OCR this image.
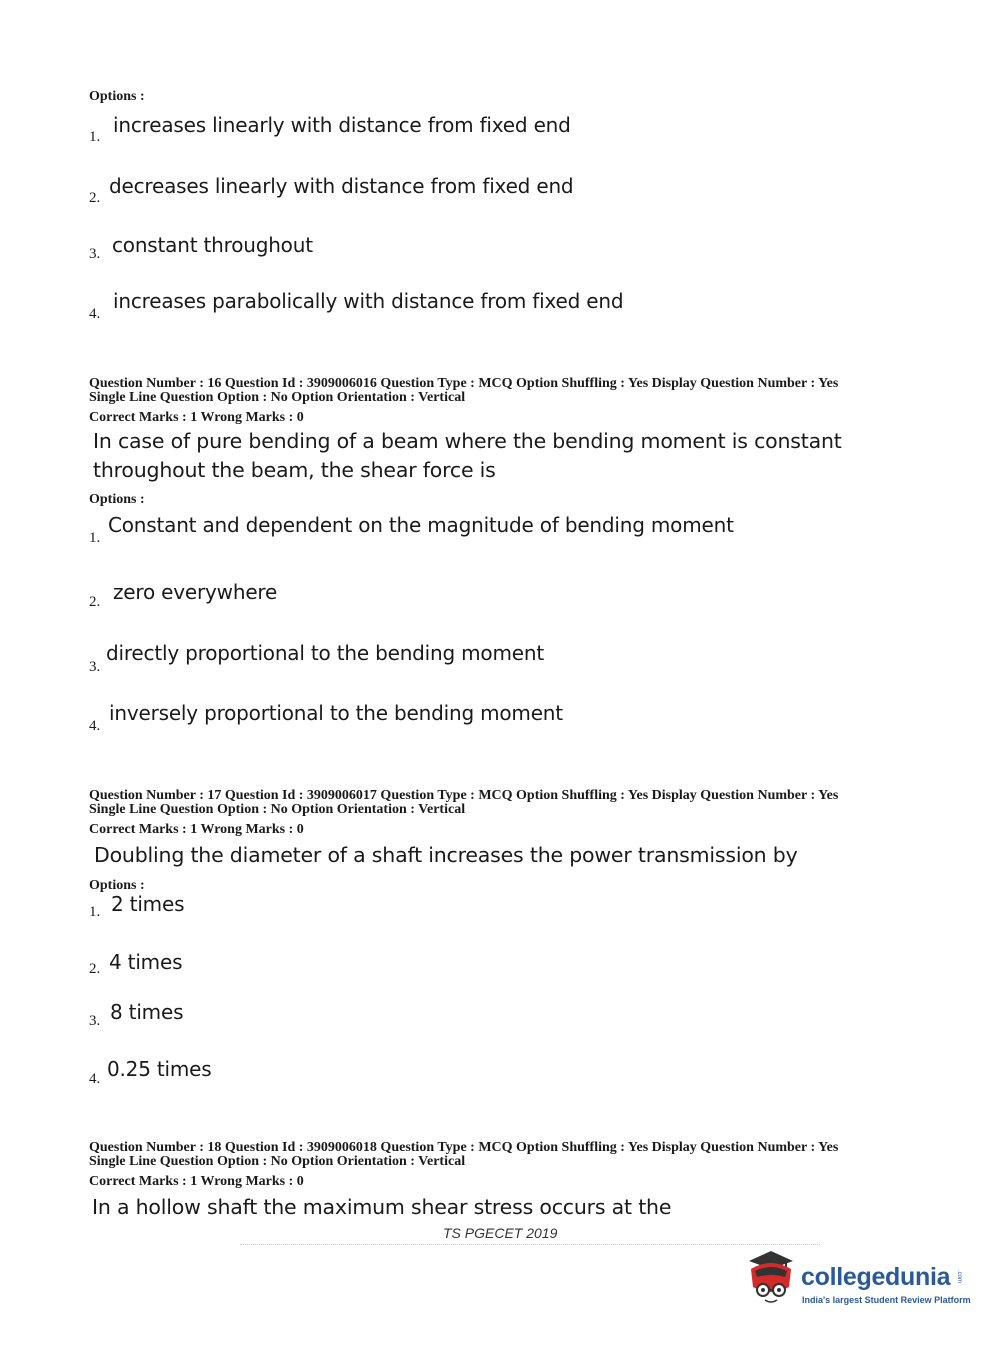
Options :
1. increases linearly with distance from fixed end
2. decreases linearly with distance from fixed end
3. constant throughout
4.
increases parabolically with distance from fixed end
Question Number : 16 Question Id : 3909006016 Question Type : MCQ Option Shuffling : Yes Display Question Number : Yes
Single Line Question Option : No Option Orientation : Vertical
Correct Marks : 1 Wrong Marks : 0
In case of pure bending of a beam where the bending moment is constant
throughout the beam, the shear force is
Options :
1.
Constant and dependent on the magnitude of bending moment
2. zero everywhere
3.
directly proportional to the bending moment
4.
inversely proportional to the bending moment
Question Number : 17 Question Id : 3909006017 Question Type : MCQ Option Shuffling : Yes Display Question Number : Yes
Single Line Question Option : No Option Orientation : Vertical
Correct Marks : 1 Wrong Marks : 0
Doubling the diameter of a shaft increases the power transmission by
Options :
1. 2 times
2. 4 times
3. 8 times
4. 0.25 times
Question Number : 18 Question Id : 3909006018 Question Type : MCQ Option Shuffling : Yes Display Question Number : Yes
Single Line Question Option : No Option Orientation : Vertical
Correct Marks : 1 Wrong Marks : 0
In a hollow shaft the maximum shear stress occurs at the
TS PGECET 2019
collegedunia .com
India's largest Student Review Platform
